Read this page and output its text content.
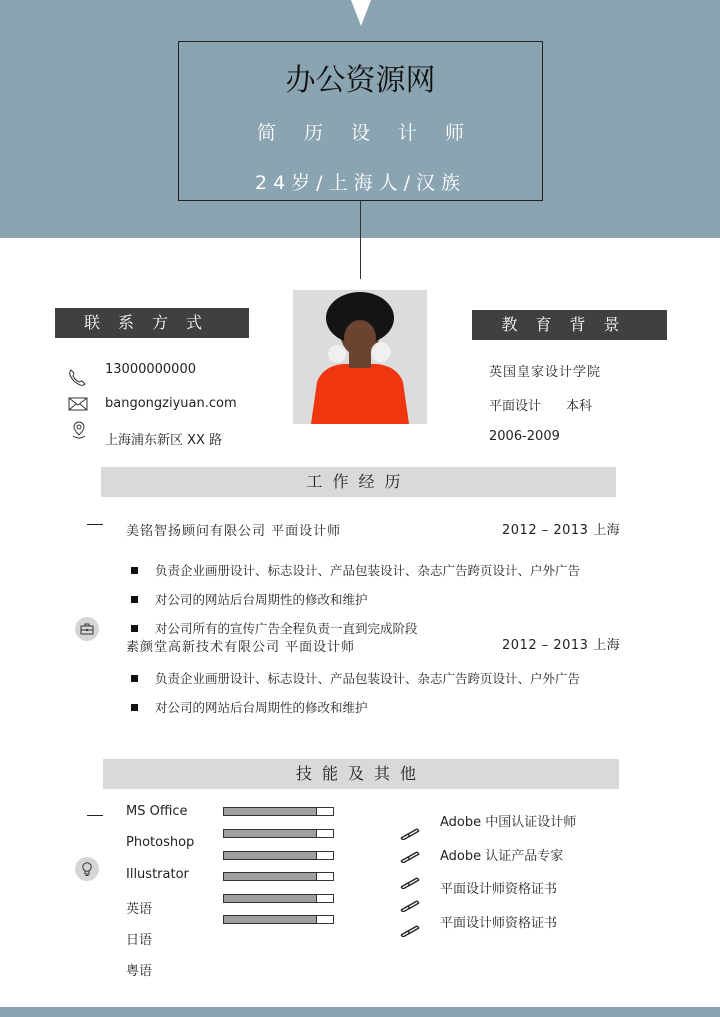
办公资源网
简历设计师
24岁/上海人/汉族
联系方式
13000000000
bangongziyuan.com
上海浦东新区 XX 路
教育背景
英国皇家设计学院
平面设计 本科
2006-2009
工作经历
美铭智扬顾问有限公司 平面设计师	2012 – 2013 上海
负责企业画册设计、标志设计、产品包装设计、杂志广告跨页设计、户外广告
对公司的网站后台周期性的修改和维护
对公司所有的宣传广告全程负责一直到完成阶段
素颜堂高新技术有限公司 平面设计师	2012 – 2013 上海
负责企业画册设计、标志设计、产品包装设计、杂志广告跨页设计、户外广告
对公司的网站后台周期性的修改和维护
技能及其他
MS Office
Photoshop
Illustrator
英语
日语
粤语
Adobe 中国认证设计师
Adobe 认证产品专家
平面设计师资格证书
平面设计师资格证书
